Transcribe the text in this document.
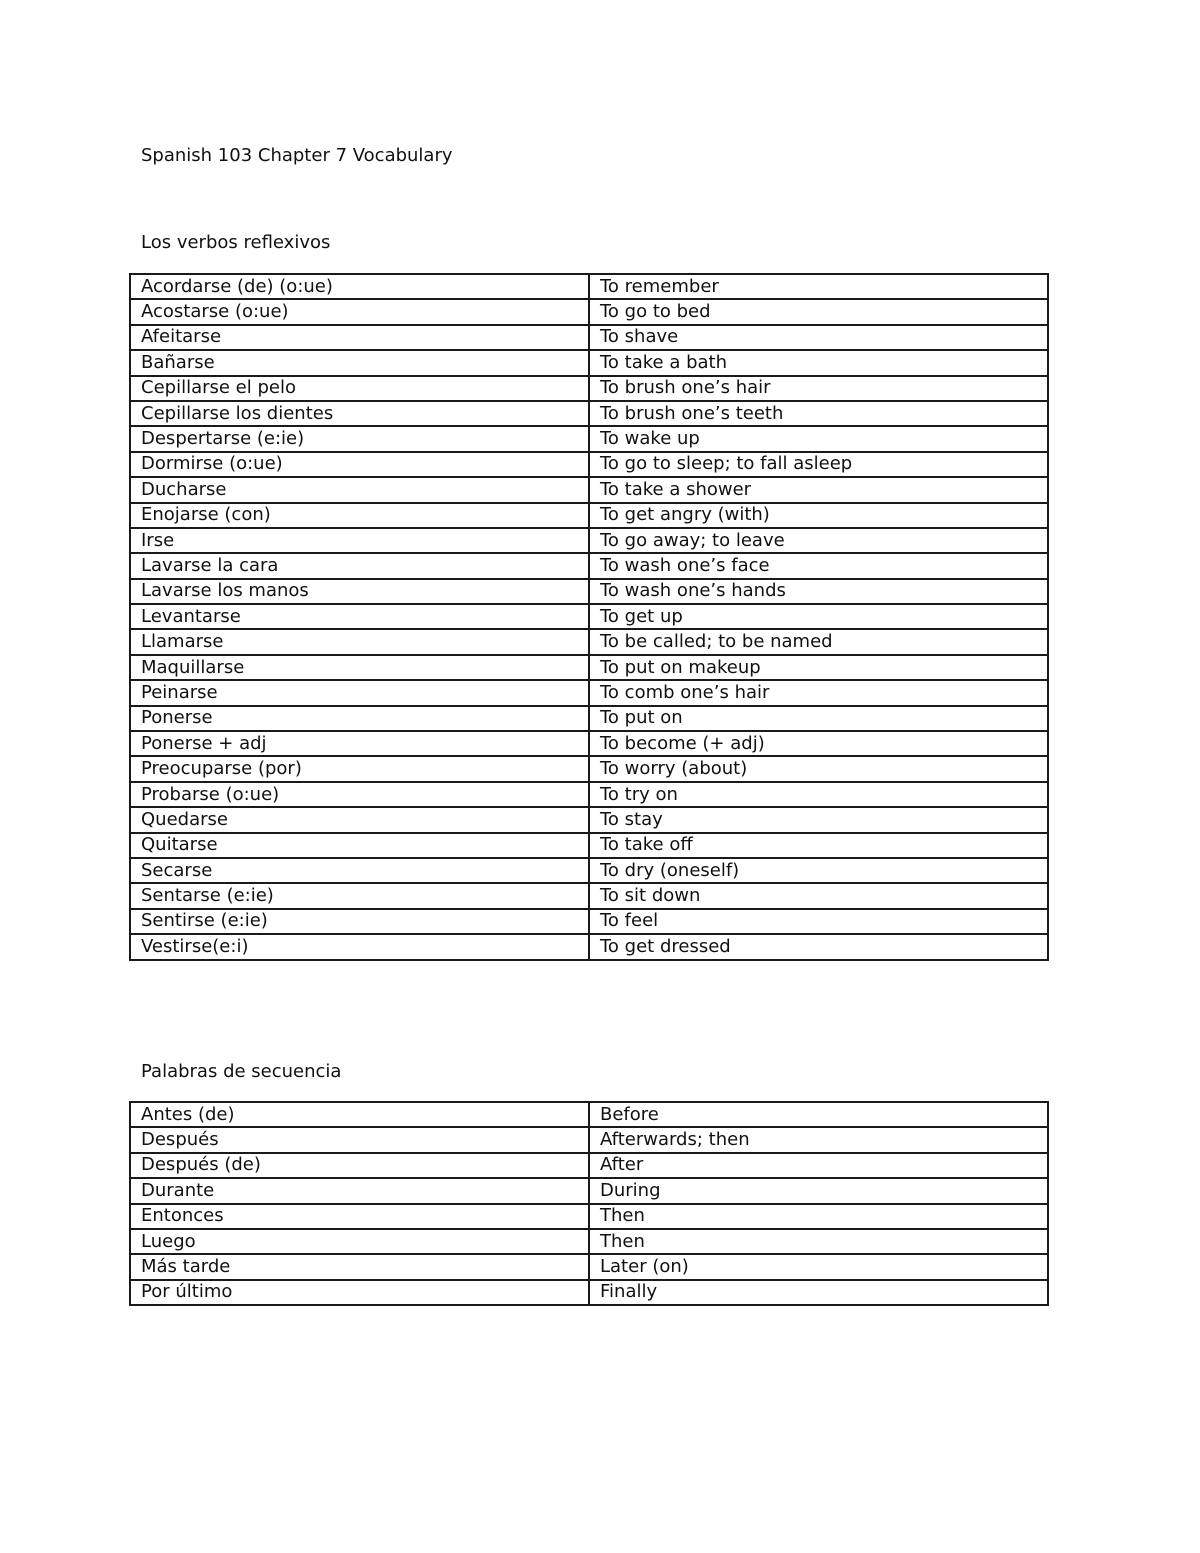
Spanish 103 Chapter 7 Vocabulary
Los verbos reflexivos
Acordarse (de) (o:ue)	To remember
Acostarse (o:ue)	To go to bed
Afeitarse	To shave
Bañarse	To take a bath
Cepillarse el pelo	To brush one’s hair
Cepillarse los dientes	To brush one’s teeth
Despertarse (e:ie)	To wake up
Dormirse (o:ue)	To go to sleep; to fall asleep
Ducharse	To take a shower
Enojarse (con)	To get angry (with)
Irse	To go away; to leave
Lavarse la cara	To wash one’s face
Lavarse los manos	To wash one’s hands
Levantarse	To get up
Llamarse	To be called; to be named
Maquillarse	To put on makeup
Peinarse	To comb one’s hair
Ponerse	To put on
Ponerse + adj	To become (+ adj)
Preocuparse (por)	To worry (about)
Probarse (o:ue)	To try on
Quedarse	To stay
Quitarse	To take off
Secarse	To dry (oneself)
Sentarse (e:ie)	To sit down
Sentirse (e:ie)	To feel
Vestirse(e:i)	To get dressed
Palabras de secuencia
Antes (de)	Before
Después	Afterwards; then
Después (de)	After
Durante	During
Entonces	Then
Luego	Then
Más tarde	Later (on)
Por último	Finally
